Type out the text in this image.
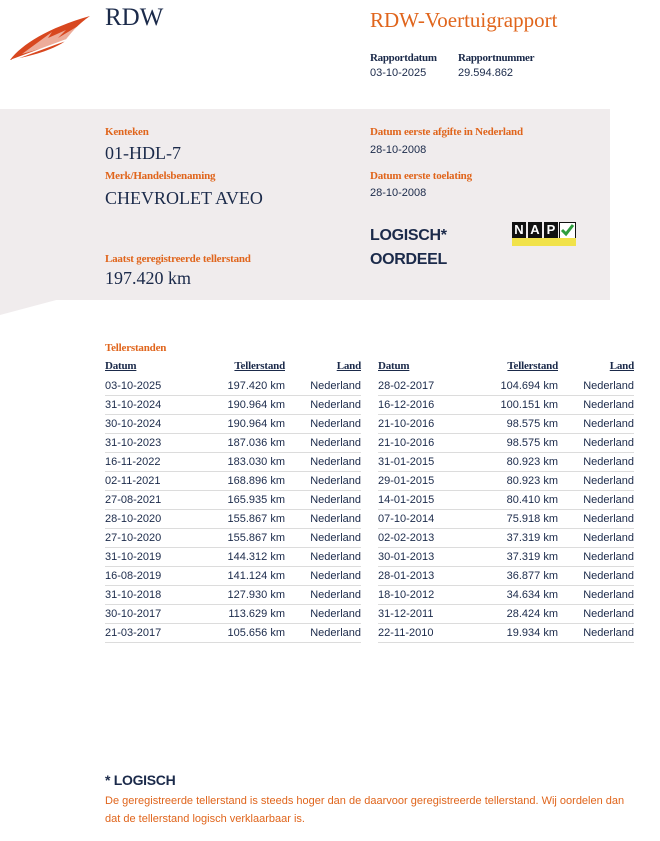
RDW	RDW-Voertuigrapport
Rapportdatum
03-10-2025
Rapportnummer
29.594.862
Kenteken
01-HDL-7
Merk/Handelsbenaming
CHEVROLET AVEO
Laatst geregistreerde tellerstand
197.420 km
Datum eerste afgifte in Nederland
28-10-2008
Datum eerste toelating
28-10-2008
LOGISCH*
OORDEEL
N A P
Tellerstanden
Datum	Tellerstand	Land
03-10-2025	197.420 km	Nederland
31-10-2024	190.964 km	Nederland
30-10-2024	190.964 km	Nederland
31-10-2023	187.036 km	Nederland
16-11-2022	183.030 km	Nederland
02-11-2021	168.896 km	Nederland
27-08-2021	165.935 km	Nederland
28-10-2020	155.867 km	Nederland
27-10-2020	155.867 km	Nederland
31-10-2019	144.312 km	Nederland
16-08-2019	141.124 km	Nederland
31-10-2018	127.930 km	Nederland
30-10-2017	113.629 km	Nederland
21-03-2017	105.656 km	Nederland
Datum	Tellerstand	Land
28-02-2017	104.694 km	Nederland
16-12-2016	100.151 km	Nederland
21-10-2016	98.575 km	Nederland
21-10-2016	98.575 km	Nederland
31-01-2015	80.923 km	Nederland
29-01-2015	80.923 km	Nederland
14-01-2015	80.410 km	Nederland
07-10-2014	75.918 km	Nederland
02-02-2013	37.319 km	Nederland
30-01-2013	37.319 km	Nederland
28-01-2013	36.877 km	Nederland
18-10-2012	34.634 km	Nederland
31-12-2011	28.424 km	Nederland
22-11-2010	19.934 km	Nederland
* LOGISCH
De geregistreerde tellerstand is steeds hoger dan de daarvoor geregistreerde tellerstand. Wij oordelen dan dat de tellerstand logisch verklaarbaar is.
